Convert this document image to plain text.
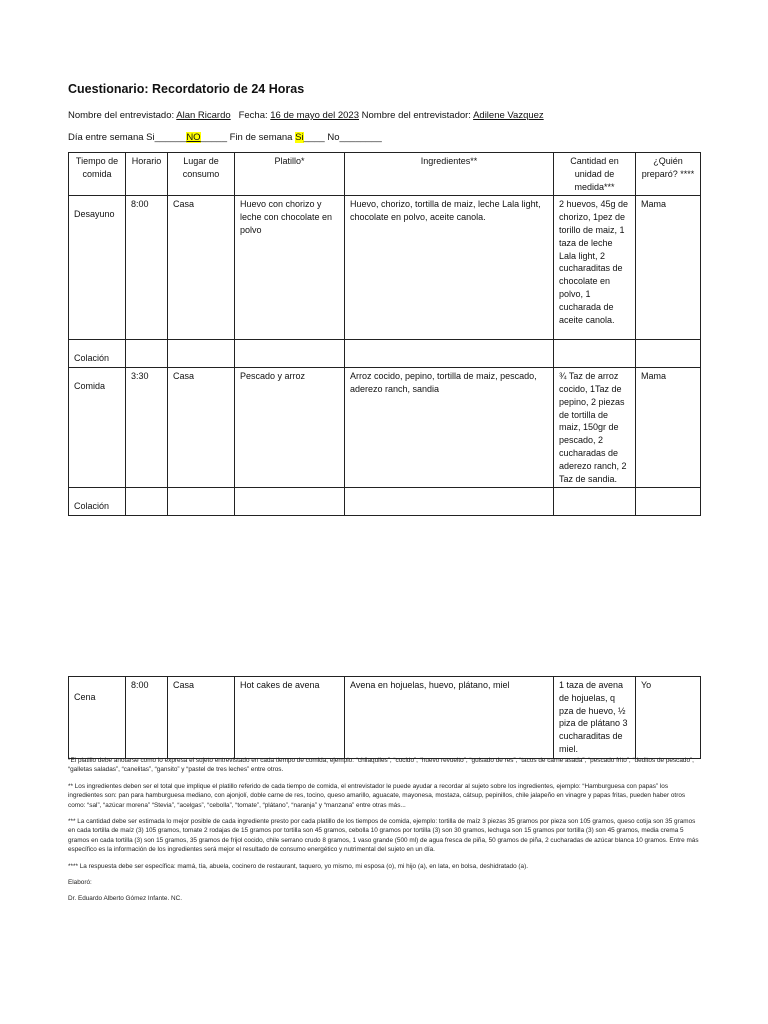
Cuestionario: Recordatorio de 24 Horas
Nombre del entrevistado: Alan Ricardo Fecha: 16 de mayo del 2023 Nombre del entrevistador: Adilene Vazquez
Día entre semana Si______NO_____ Fin de semana Si____ No________
Tiempo de comida	Horario	Lugar de consumo	Platillo*	Ingredientes**	Cantidad en unidad de medida***	¿Quién preparó? ****
Desayuno	8:00	Casa	Huevo con chorizo y leche con chocolate en polvo	Huevo, chorizo, tortilla de maiz, leche Lala light, chocolate en polvo, aceite canola.	2 huevos, 45g de chorizo, 1pez de torillo de maiz, 1 taza de leche Lala light, 2 cucharaditas de chocolate en polvo, 1 cucharada de aceite canola.	Mama
Colación						
Comida	3:30	Casa	Pescado y arroz	Arroz cocido, pepino, tortilla de maiz, pescado, aderezo ranch, sandia	¾ Taz de arroz cocido, 1Taz de pepino, 2 piezas de tortilla de maiz, 150gr de pescado, 2 cucharadas de aderezo ranch, 2 Taz de sandia.	Mama
Colación						
Cena	8:00	Casa	Hot cakes de avena	Avena en hojuelas, huevo, plátano, miel	1 taza de avena de hojuelas, q pza de huevo, ½ piza de plátano 3 cucharaditas de miel.	Yo

*El platillo debe anotarse como lo expresa el sujeto entrevistado en cada tiempo de comida, ejemplo: “chilaquiles”, “cocido”, “huevo revuelto”, “guisado de res”, “tacos de carne asada”, “pescado frito”, “deditos de pescado”, “galletas saladas”, “canelitas”, “gansito” y “pastel de tres leches” entre otros.

** Los ingredientes deben ser el total que implique el platillo referido de cada tiempo de comida, el entrevistador le puede ayudar a recordar al sujeto sobre los ingredientes, ejemplo: “Hamburguesa con papas” los ingredientes son: pan para hamburguesa mediano, con ajonjolí, doble carne de res, tocino, queso amarillo, aguacate, mayonesa, mostaza, cátsup, pepinillos, chile jalapeño en vinagre y papas fritas, pueden haber otros como: “sal”, “azúcar morena” “Stevia”, “acelgas”, “cebolla”, “tomate”, “plátano”, “naranja” y “manzana” entre otras más...

*** La cantidad debe ser estimada lo mejor posible de cada ingrediente presto por cada platillo de los tiempos de comida, ejemplo: tortilla de maíz 3 piezas 35 gramos por pieza son 105 gramos, queso cotija son 35 gramos en cada tortilla de maíz (3) 105 gramos, tomate 2 rodajas de 15 gramos por tortilla son 45 gramos, cebolla 10 gramos por tortilla (3) son 30 gramos, lechuga son 15 gramos por tortilla (3) son 45 gramos, media crema 5 gramos en cada tortilla (3) son 15 gramos, 35 gramos de frijol cocido, chile serrano crudo 8 gramos, 1 vaso grande (500 ml) de agua fresca de piña, 50 gramos de piña, 2 cucharadas de azúcar blanca 10 gramos. Entre más específico es la información de los ingredientes será mejor el resultado de consumo energético y nutrimental del sujeto en un día.

**** La respuesta debe ser específica: mamá, tía, abuela, cocinero de restaurant, taquero, yo mismo, mi esposa (o), mi hijo (a), en lata, en bolsa, deshidratado (a).

Elaboró:

Dr. Eduardo Alberto Gómez Infante. NC.
